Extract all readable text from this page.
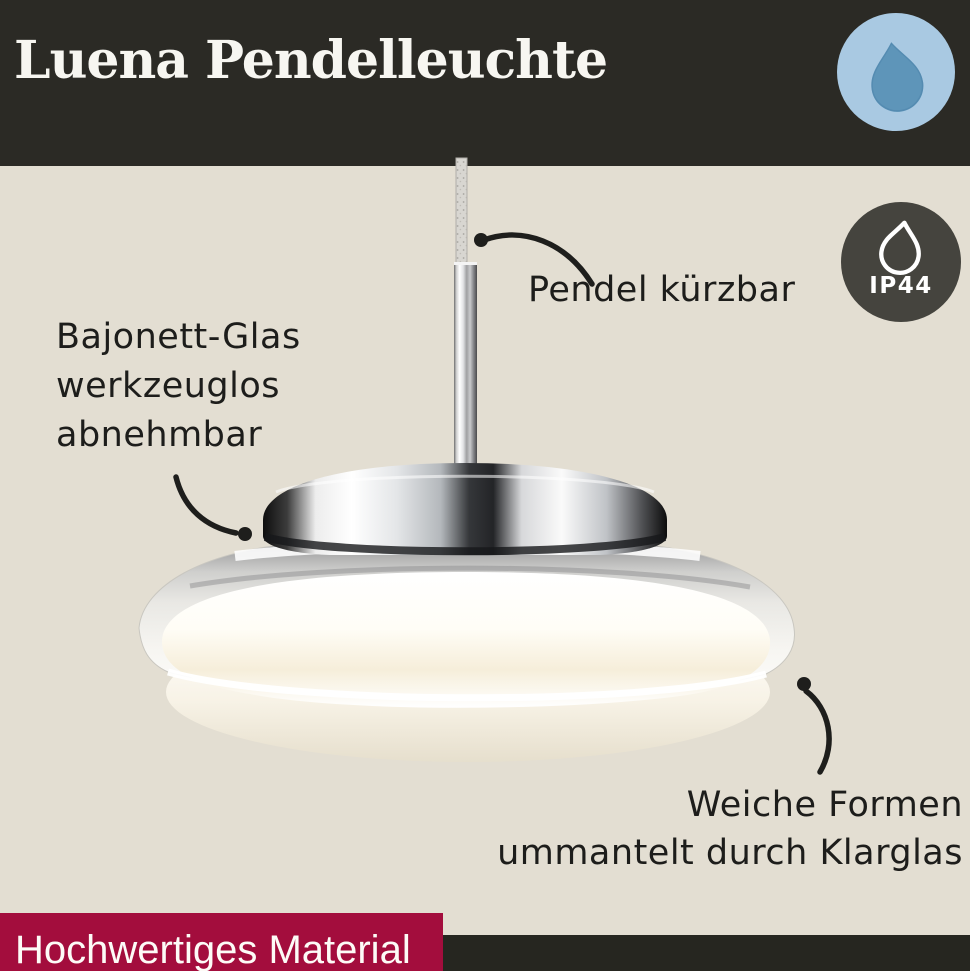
Luena Pendelleuchte
IP44
Pendel kürzbar
Bajonett-Glas
werkzeuglos
abnehmbar
Weiche Formen
ummantelt durch Klarglas
Hochwertiges Material
